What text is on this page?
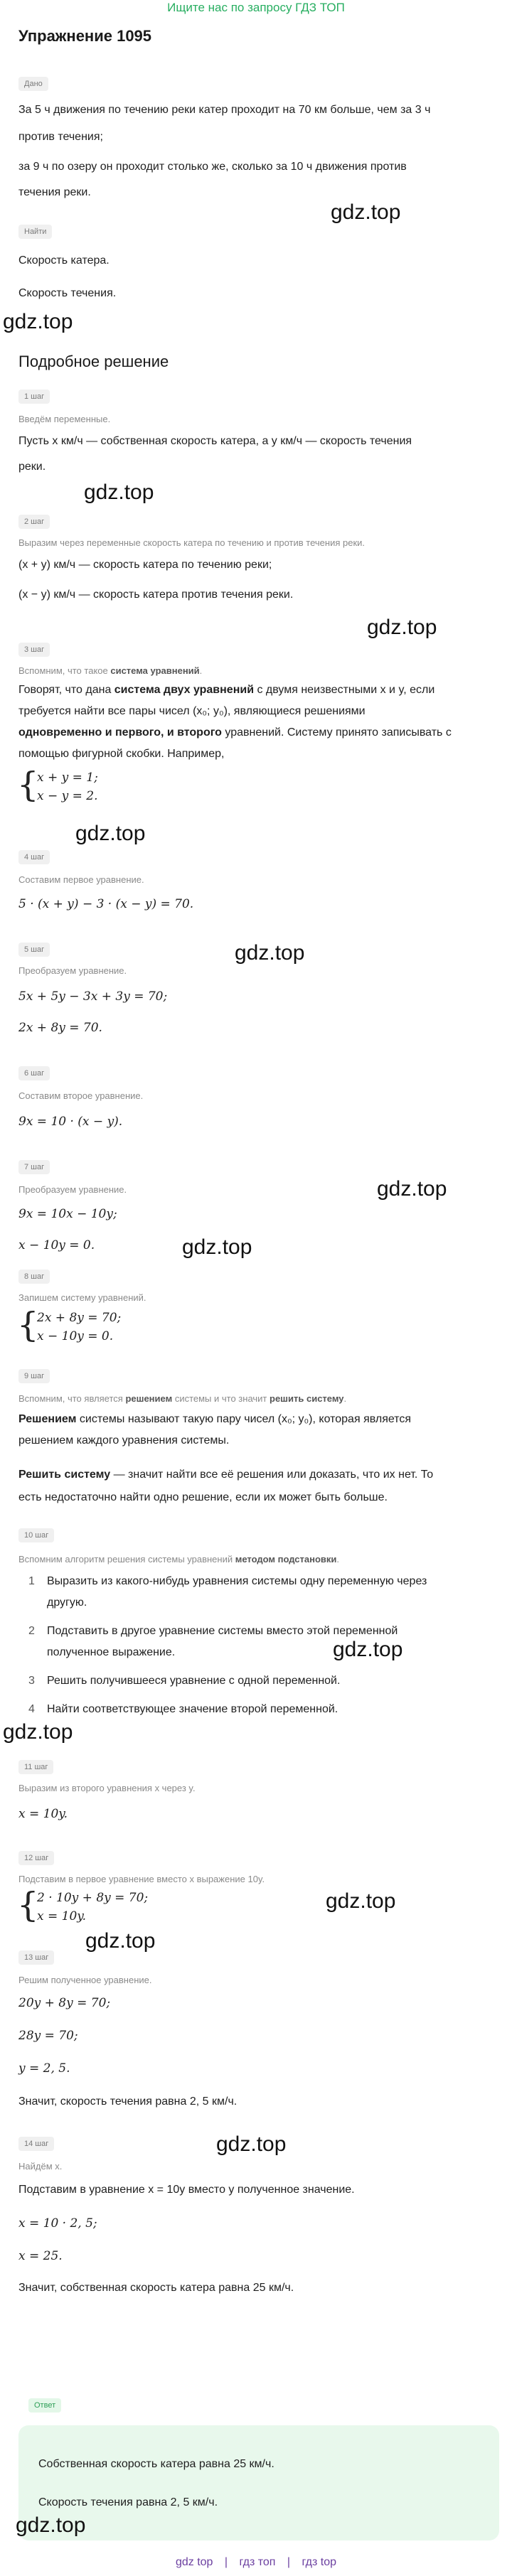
Ищите нас по запросу ГДЗ ТОП
Упражнение 1095
Дано
За 5 ч движения по течению реки катер проходит на 70 км больше, чем за 3 ч
против течения;
за 9 ч по озеру он проходит столько же, сколько за 10 ч движения против
течения реки.
gdz.top
Найти
Скорость катера.
Скорость течения.
gdz.top
Подробное решение
1 шаг
Введём переменные.
Пусть x км/ч — собственная скорость катера, а y км/ч — скорость течения
реки.
gdz.top
2 шаг
Выразим через переменные скорость катера по течению и против течения реки.
(x + y) км/ч — скорость катера по течению реки;
(x − y) км/ч — скорость катера против течения реки.
gdz.top
3 шаг
Вспомним, что такое система уравнений.
Говорят, что дана система двух уравнений с двумя неизвестными x и y, если
требуется найти все пары чисел (x₀; y₀), являющиеся решениями
одновременно и первого, и второго уравнений. Систему принято записывать с
помощью фигурной скобки. Например,
{
x + y = 1;
x − y = 2.
gdz.top
4 шаг
Составим первое уравнение.
5 · (x + y) − 3 · (x − y) = 70.
gdz.top
5 шаг
Преобразуем уравнение.
5x + 5y − 3x + 3y = 70;
2x + 8y = 70.
6 шаг
Составим второе уравнение.
9x = 10 · (x − y).
7 шаг
Преобразуем уравнение.	gdz.top
9x = 10x − 10y;
x − 10y = 0.	gdz.top
8 шаг
Запишем систему уравнений.
{
2x + 8y = 70;
x − 10y = 0.
9 шаг
Вспомним, что является решением системы и что значит решить систему.
Решением системы называют такую пару чисел (x₀; y₀), которая является
решением каждого уравнения системы.
Решить систему — значит найти все её решения или доказать, что их нет. То
есть недостаточно найти одно решение, если их может быть больше.
10 шаг
Вспомним алгоритм решения системы уравнений методом подстановки.
1 Выразить из какого-нибудь уравнения системы одну переменную через
другую.
2 Подставить в другое уравнение системы вместо этой переменной
полученное выражение.	gdz.top
3 Решить получившееся уравнение с одной переменной.
4 Найти соответствующее значение второй переменной.
gdz.top
11 шаг
Выразим из второго уравнения x через y.
x = 10y.
12 шаг
Подставим в первое уравнение вместо x выражение 10y.
{
2 · 10y + 8y = 70;
x = 10y.
gdz.top
gdz.top
13 шаг
Решим полученное уравнение.
20y + 8y = 70;
28y = 70;
y = 2, 5.
Значит, скорость течения равна 2, 5 км/ч.
gdz.top
14 шаг
Найдём x.
Подставим в уравнение x = 10y вместо y полученное значение.
x = 10 · 2, 5;
x = 25.
Значит, собственная скорость катера равна 25 км/ч.
Ответ
Собственная скорость катера равна 25 км/ч.
Скорость течения равна 2, 5 км/ч.
gdz.top
gdz top | гдз топ | гдз top
